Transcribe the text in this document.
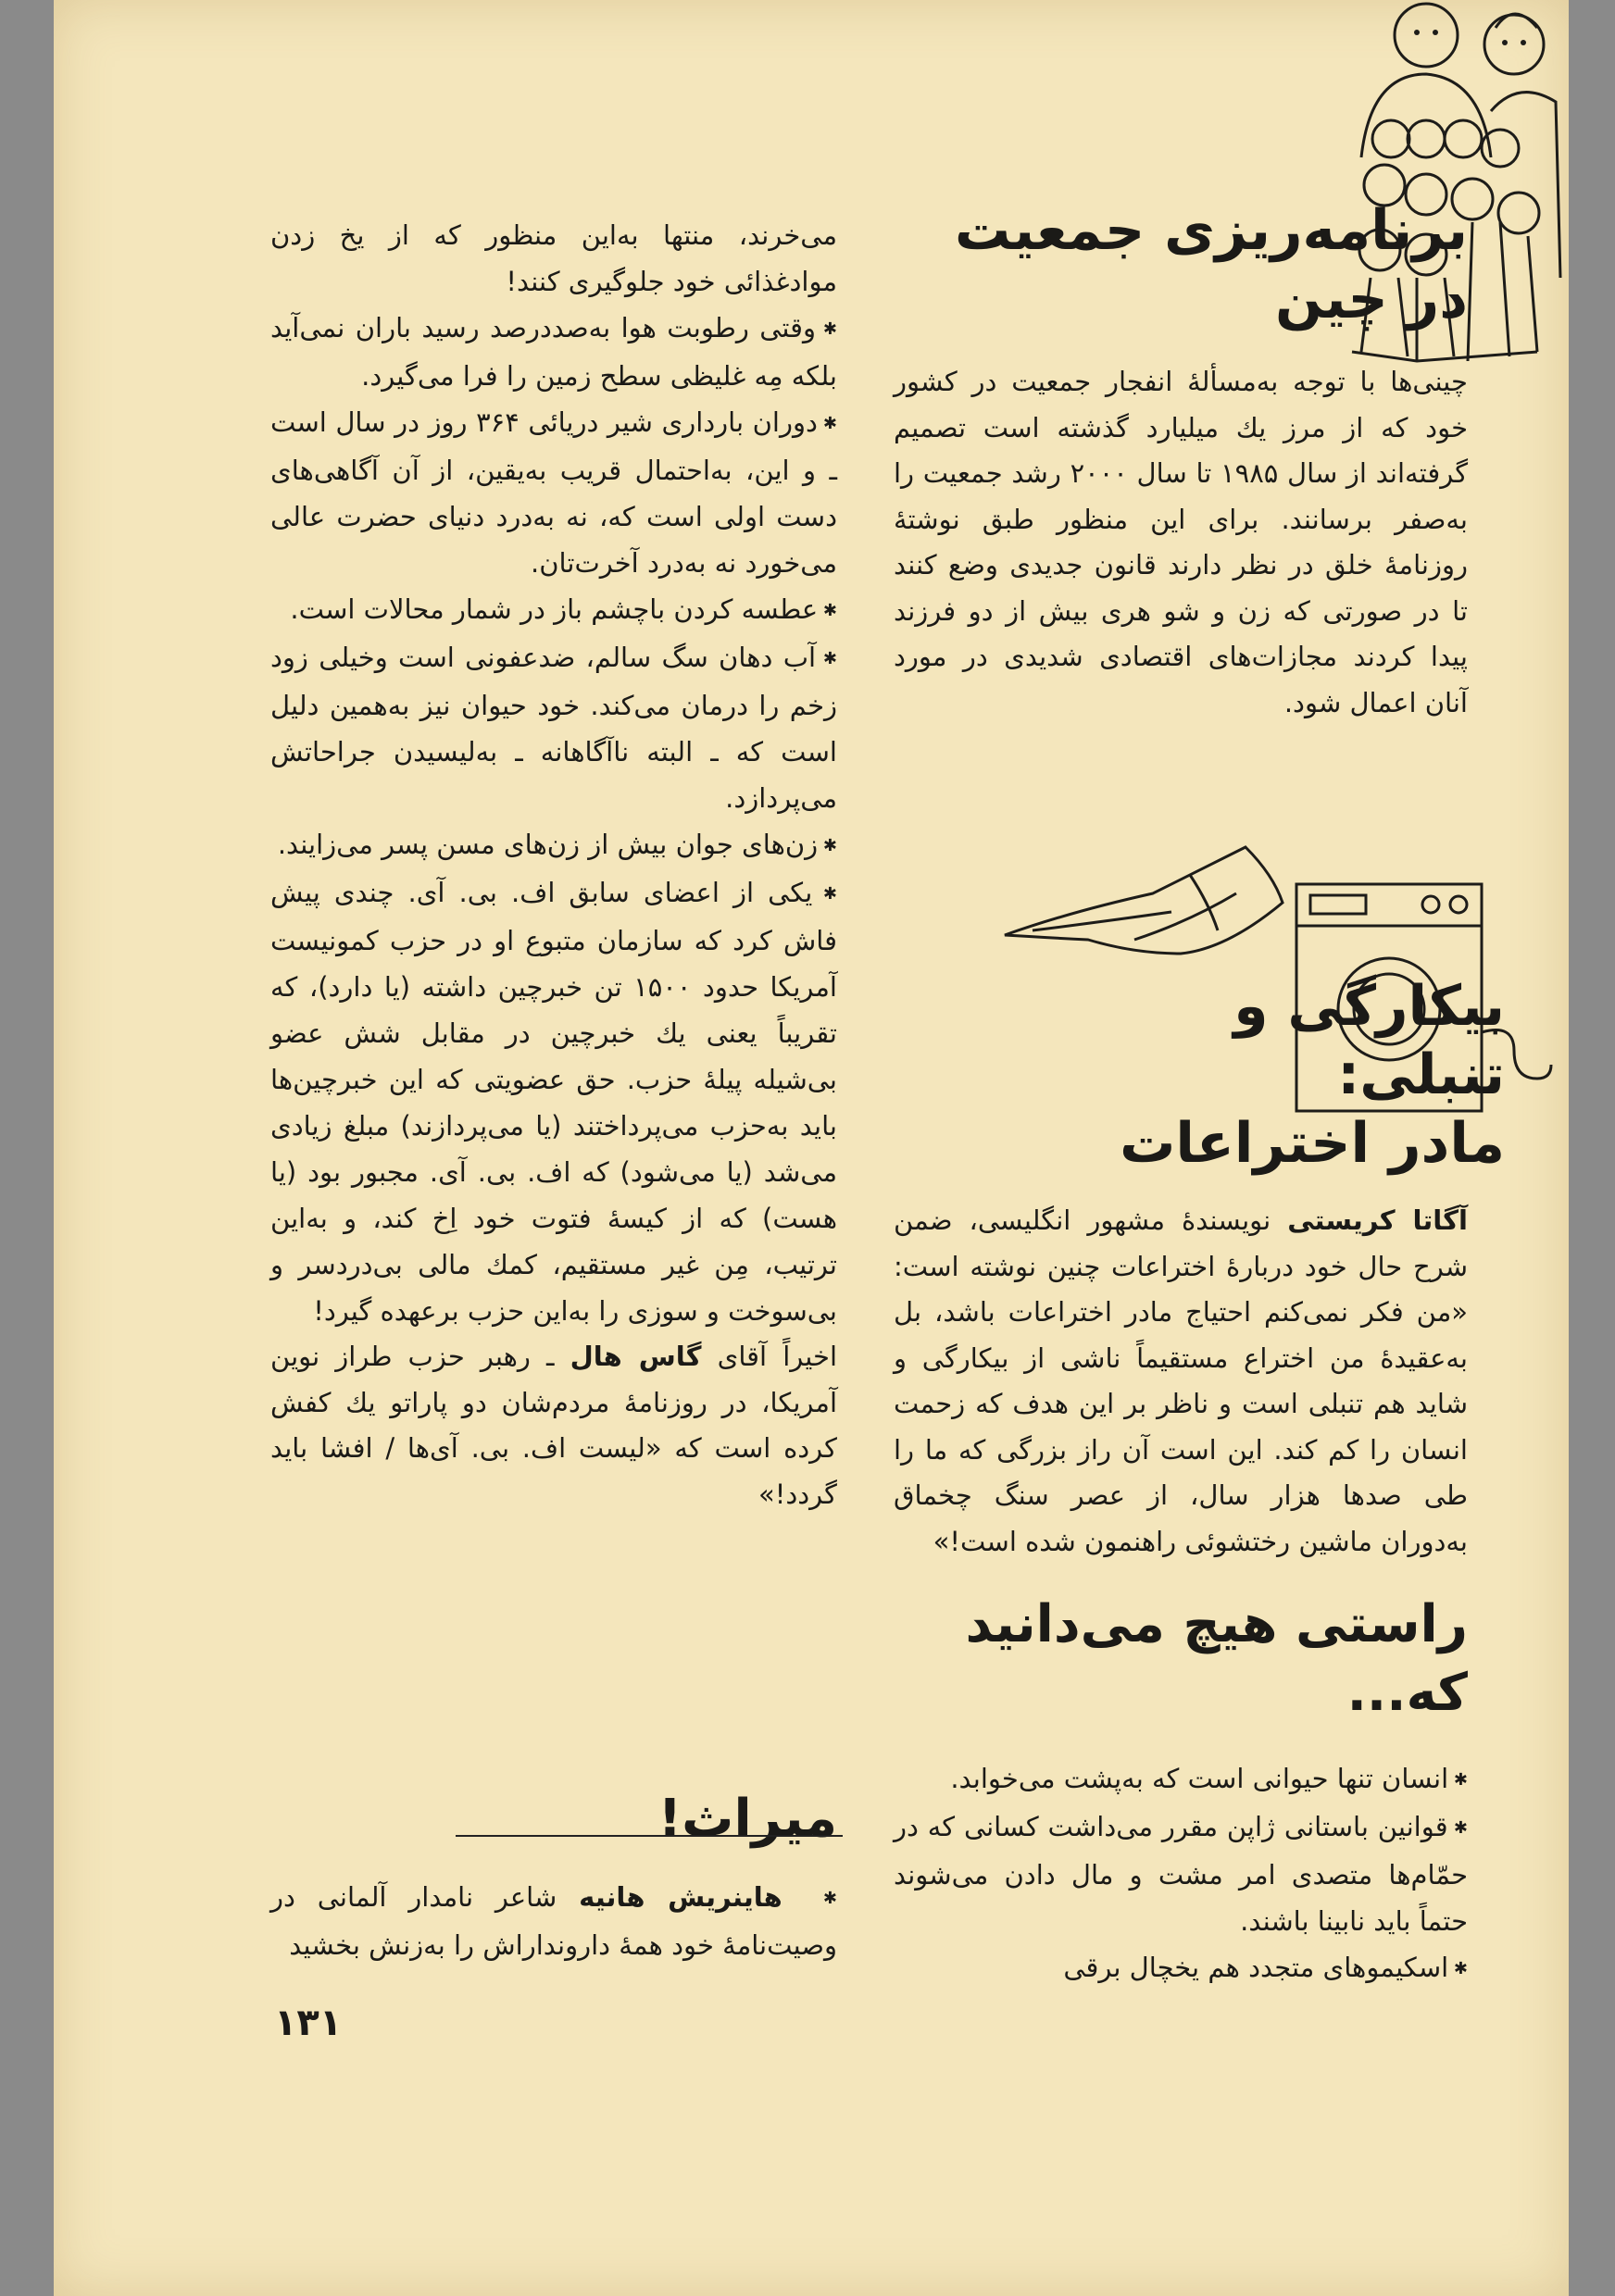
برنامه‌ریزی جمعیت
در چین

چینی‌ها با توجه به‌مسألهٔ انفجار جمعیت در کشور خود که از مرز یك میلیارد گذشته است تصمیم گرفته‌اند از سال ۱۹۸۵ تا سال ۲۰۰۰ رشد جمعیت را به‌صفر برسانند. برای این منظور طبق نوشتهٔ روزنامهٔ خلق در نظر دارند قانون جدیدی وضع کنند تا در صورتی که زن و شو هری بیش از دو فرزند پیدا کردند مجازات‌های اقتصادی شدیدی در مورد آنان اعمال شود.

بیکارگی و تنبلی:
مادر اختراعات

آگاتا کریستی نویسندهٔ مشهور انگلیسی، ضمن شرح حال خود دربارهٔ اختراعات چنین نوشته است: «من فکر نمی‌کنم احتیاج مادر اختراعات باشد، بل به‌عقیدهٔ من اختراع مستقیماً ناشی از بیکارگی و شاید هم تنبلی است و ناظر بر این هدف که زحمت انسان را کم کند. این است آن راز بزرگی که ما را طی صدها هزار سال، از عصر سنگ چخماق به‌دوران ماشین رختشوئی راهنمون شده است!»

راستی هیچ می‌دانید که...

✱ انسان تنها حیوانی است که به‌پشت می‌خوابد.

✱ قوانین باستانی ژاپن مقرر می‌داشت کسانی که در حمّام‌ها متصدی امر مشت و مال دادن می‌شوند حتماً باید نابینا باشند.

✱ اسکیموهای متجدد هم یخچال برقی

می‌خرند، منتها به‌این منظور که از یخ زدن موادغذائی خود جلوگیری کنند!

✱ وقتی رطوبت هوا به‌صددرصد رسید باران نمی‌آید بلکه مِه غلیظی سطح زمین را فرا می‌گیرد.

✱ دوران بارداری شیر دریائی ۳۶۴ روز در سال است ـ و این، به‌احتمال قریب به‌یقین، از آن آگاهی‌های دست اولی است که، نه به‌درد دنیای حضرت عالی می‌خورد نه به‌درد آخرت‌تان.

✱ عطسه کردن باچشم باز در شمار محالات است.

✱ آب دهان سگ سالم، ضدعفونی است وخیلی زود زخم را درمان می‌کند. خود حیوان نیز به‌همین دلیل است که ـ البته ناآگاهانه ـ به‌لیسیدن جراحاتش می‌پردازد.

✱ زن‌های جوان بیش از زن‌های مسن پسر می‌زایند.

✱ یکی از اعضای سابق اف. بی. آی. چندی پیش فاش کرد که سازمان متبوع او در حزب کمونیست آمریکا حدود ۱۵۰۰ تن خبرچین داشته (یا دارد)، که تقریباً یعنی یك خبرچین در مقابل شش عضو بی‌شیله پیلهٔ حزب. حق عضویتی که این خبرچین‌ها باید به‌حزب می‌پرداختند (یا می‌پردازند) مبلغ زیادی می‌شد (یا می‌شود) که اف. بی. آی. مجبور بود (یا هست) که از کیسهٔ فتوت خود اِخ کند، و به‌این ترتیب، مِن غیر مستقیم، کمك مالی بی‌دردسر و بی‌سوخت و سوزی را به‌این حزب برعهده گیرد!

اخیراً آقای گاس هال ـ رهبر حزب طراز نوین آمریکا، در روزنامهٔ مردم‌شان دو پاراتو یك کفش کرده است که «لیست اف. بی. آی‌ها / افشا باید گردد!»

میراث!

✱ هاینریش هانیه شاعر نامدار آلمانی در وصیت‌نامهٔ خود همهٔ دارونداراش را به‌زنش بخشید

۱۳۱
